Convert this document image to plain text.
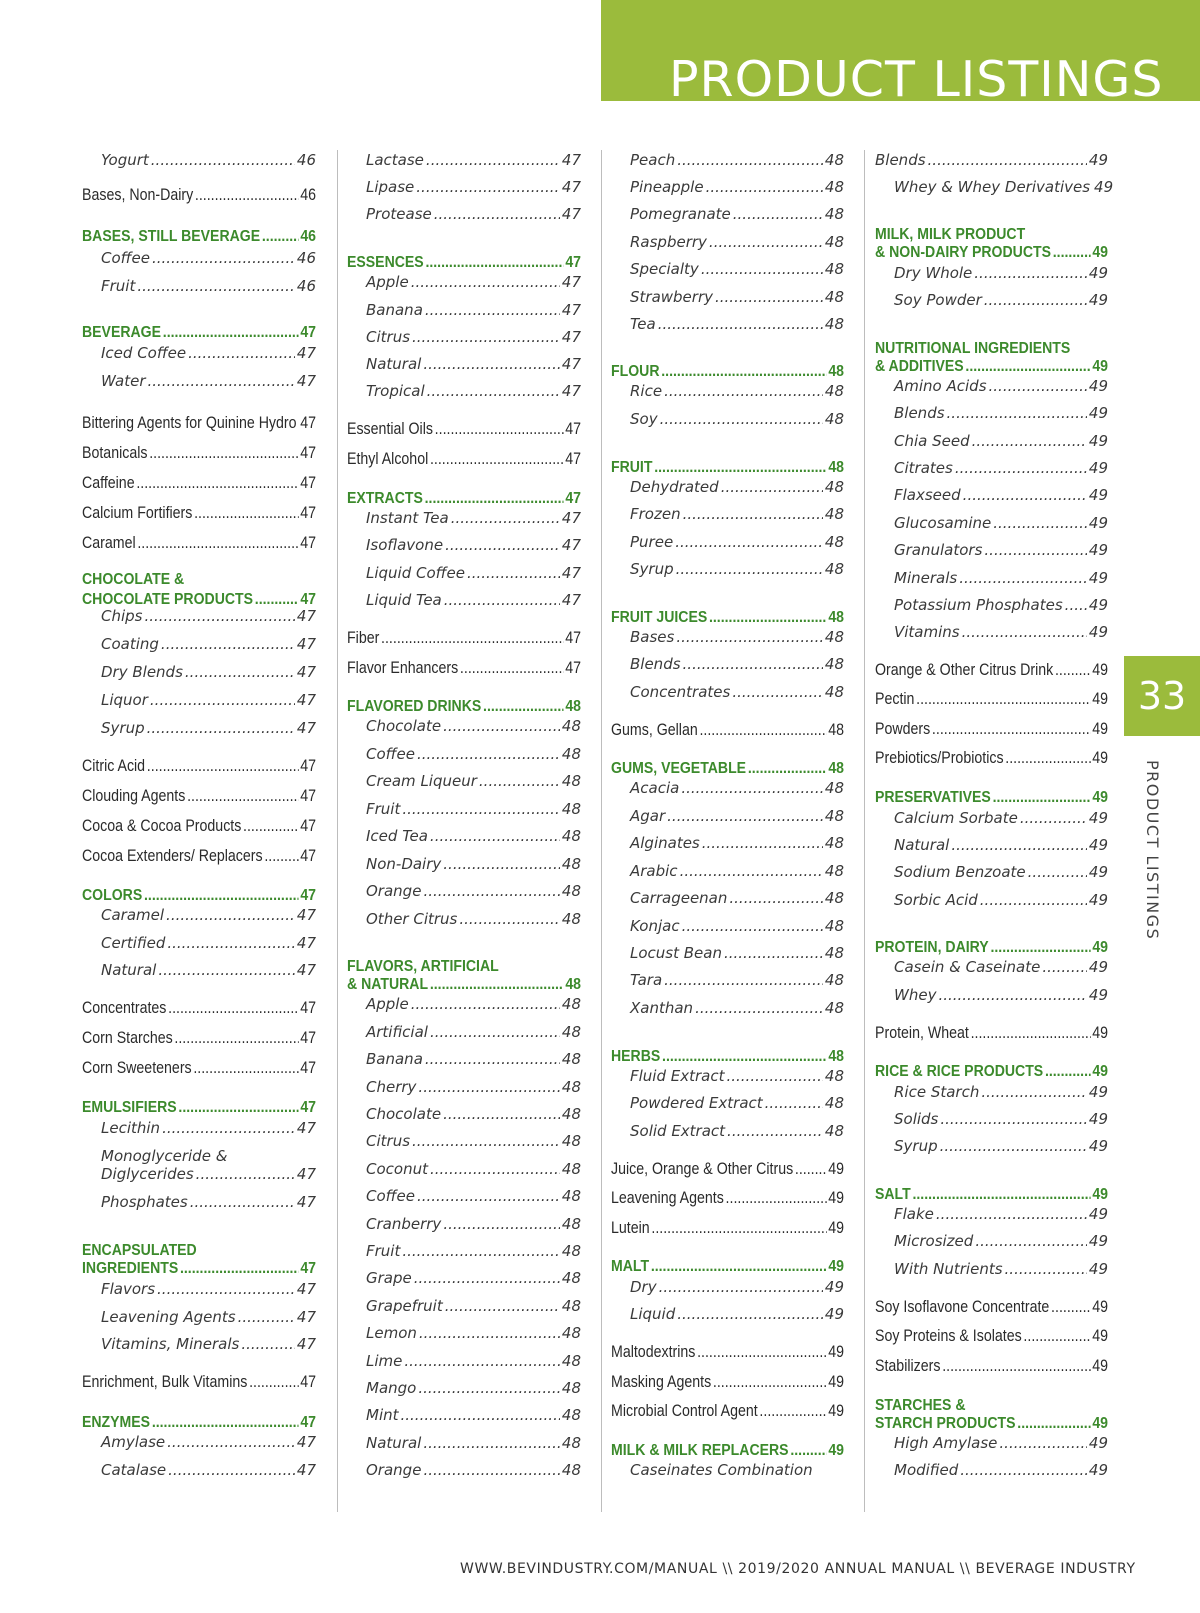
PRODUCT LISTINGS
Yogurt .....	46
Bases, Non-Dairy .....	46
BASES, STILL BEVERAGE .....	46
Coffee .....	46
Fruit .....	46
BEVERAGE .....	47
Iced Coffee .....	47
Water .....	47
Bittering Agents for Quinine Hydro ..... 47
Botanicals .....	47
Caffeine .....	47
Calcium Fortifiers .....	47
Caramel .....	47
CHOCOLATE &
CHOCOLATE PRODUCTS .....	47
Chips .....	47
Coating .....	47
Dry Blends .....	47
Liquor .....	47
Syrup .....	47
Citric Acid .....	47
Clouding Agents .....	47
Cocoa & Cocoa Products .....	47
Cocoa Extenders/ Replacers ..... 47
COLORS .....	47
Caramel .....	47
Certified .....	47
Natural .....	47
Concentrates .....	47
Corn Starches .....	47
Corn Sweeteners .....	47
EMULSIFIERS .....	47
Lecithin .....	47
Monoglyceride &
Diglycerides .....	47
Phosphates .....	47
ENCAPSULATED
INGREDIENTS .....	47
Flavors .....	47
Leavening Agents .....	47
Vitamins, Minerals .....	47
Enrichment, Bulk Vitamins .....	47
ENZYMES .....	47
Amylase .....	47
Catalase .....	47
Lactase .....	47
Lipase .....	47
Protease .....	47
ESSENCES .....	47
Apple .....	47
Banana .....	47
Citrus .....	47
Natural .....	47
Tropical .....	47
Essential Oils .....	47
Ethyl Alcohol .....	47
EXTRACTS .....	47
Instant Tea .....	47
Isoflavone .....	47
Liquid Coffee .....	47
Liquid Tea .....	47
Fiber .....	47
Flavor Enhancers .....	47
FLAVORED DRINKS .....	48
Chocolate .....	48
Coffee .....	48
Cream Liqueur .....	48
Fruit .....	48
Iced Tea .....	48
Non-Dairy .....	48
Orange .....	48
Other Citrus .....	48
FLAVORS, ARTIFICIAL
& NATURAL .....	48
Apple .....	48
Artificial .....	48
Banana .....	48
Cherry .....	48
Chocolate .....	48
Citrus .....	48
Coconut .....	48
Coffee .....	48
Cranberry .....	48
Fruit .....	48
Grape .....	48
Grapefruit .....	48
Lemon .....	48
Lime .....	48
Mango .....	48
Mint .....	48
Natural .....	48
Orange .....	48
Peach .....	48
Pineapple .....	48
Pomegranate .....	48
Raspberry .....	48
Specialty .....	48
Strawberry .....	48
Tea .....	48
FLOUR .....	48
Rice .....	48
Soy .....	48
FRUIT .....	48
Dehydrated .....	48
Frozen .....	48
Puree .....	48
Syrup .....	48
FRUIT JUICES .....	48
Bases .....	48
Blends .....	48
Concentrates .....	48
Gums, Gellan .....	48
GUMS, VEGETABLE .....	48
Acacia .....	48
Agar .....	48
Alginates .....	48
Arabic .....	48
Carrageenan .....	48
Konjac .....	48
Locust Bean .....	48
Tara .....	48
Xanthan .....	48
HERBS .....	48
Fluid Extract .....	48
Powdered Extract .....	48
Solid Extract .....	48
Juice, Orange & Other Citrus ..... 49
Leavening Agents .....	49
Lutein .....	49
MALT .....	49
Dry .....	49
Liquid .....	49
Maltodextrins .....	49
Masking Agents .....	49
Microbial Control Agent .....	49
MILK & MILK REPLACERS ..... 49
Caseinates Combination
Blends .....	49
Whey & Whey Derivatives 49
MILK, MILK PRODUCT
& NON-DAIRY PRODUCTS .....	49
Dry Whole .....	49
Soy Powder .....	49
NUTRITIONAL INGREDIENTS
& ADDITIVES .....	49
Amino Acids .....	49
Blends .....	49
Chia Seed .....	49
Citrates .....	49
Flaxseed .....	49
Glucosamine .....	49
Granulators .....	49
Minerals .....	49
Potassium Phosphates ..... 49
Vitamins .....	49
Orange & Other Citrus Drink ..... 49
Pectin .....	49
Powders .....	49
Prebiotics/Probiotics .....	49
PRESERVATIVES .....	49
Calcium Sorbate .....	49
Natural .....	49
Sodium Benzoate .....	49
Sorbic Acid .....	49
PROTEIN, DAIRY .....	49
Casein & Caseinate .....	49
Whey .....	49
Protein, Wheat .....	49
RICE & RICE PRODUCTS .....	49
Rice Starch .....	49
Solids .....	49
Syrup .....	49
SALT .....	49
Flake .....	49
Microsized .....	49
With Nutrients .....	49
Soy Isoflavone Concentrate .....	49
Soy Proteins & Isolates .....	49
Stabilizers .....	49
STARCHES &
STARCH PRODUCTS .....	49
High Amylase .....	49
Modified .....	49
33
PRODUCT LISTINGS
WWW.BEVINDUSTRY.COM/MANUAL \\ 2019/2020 ANNUAL MANUAL \\ BEVERAGE INDUSTRY
